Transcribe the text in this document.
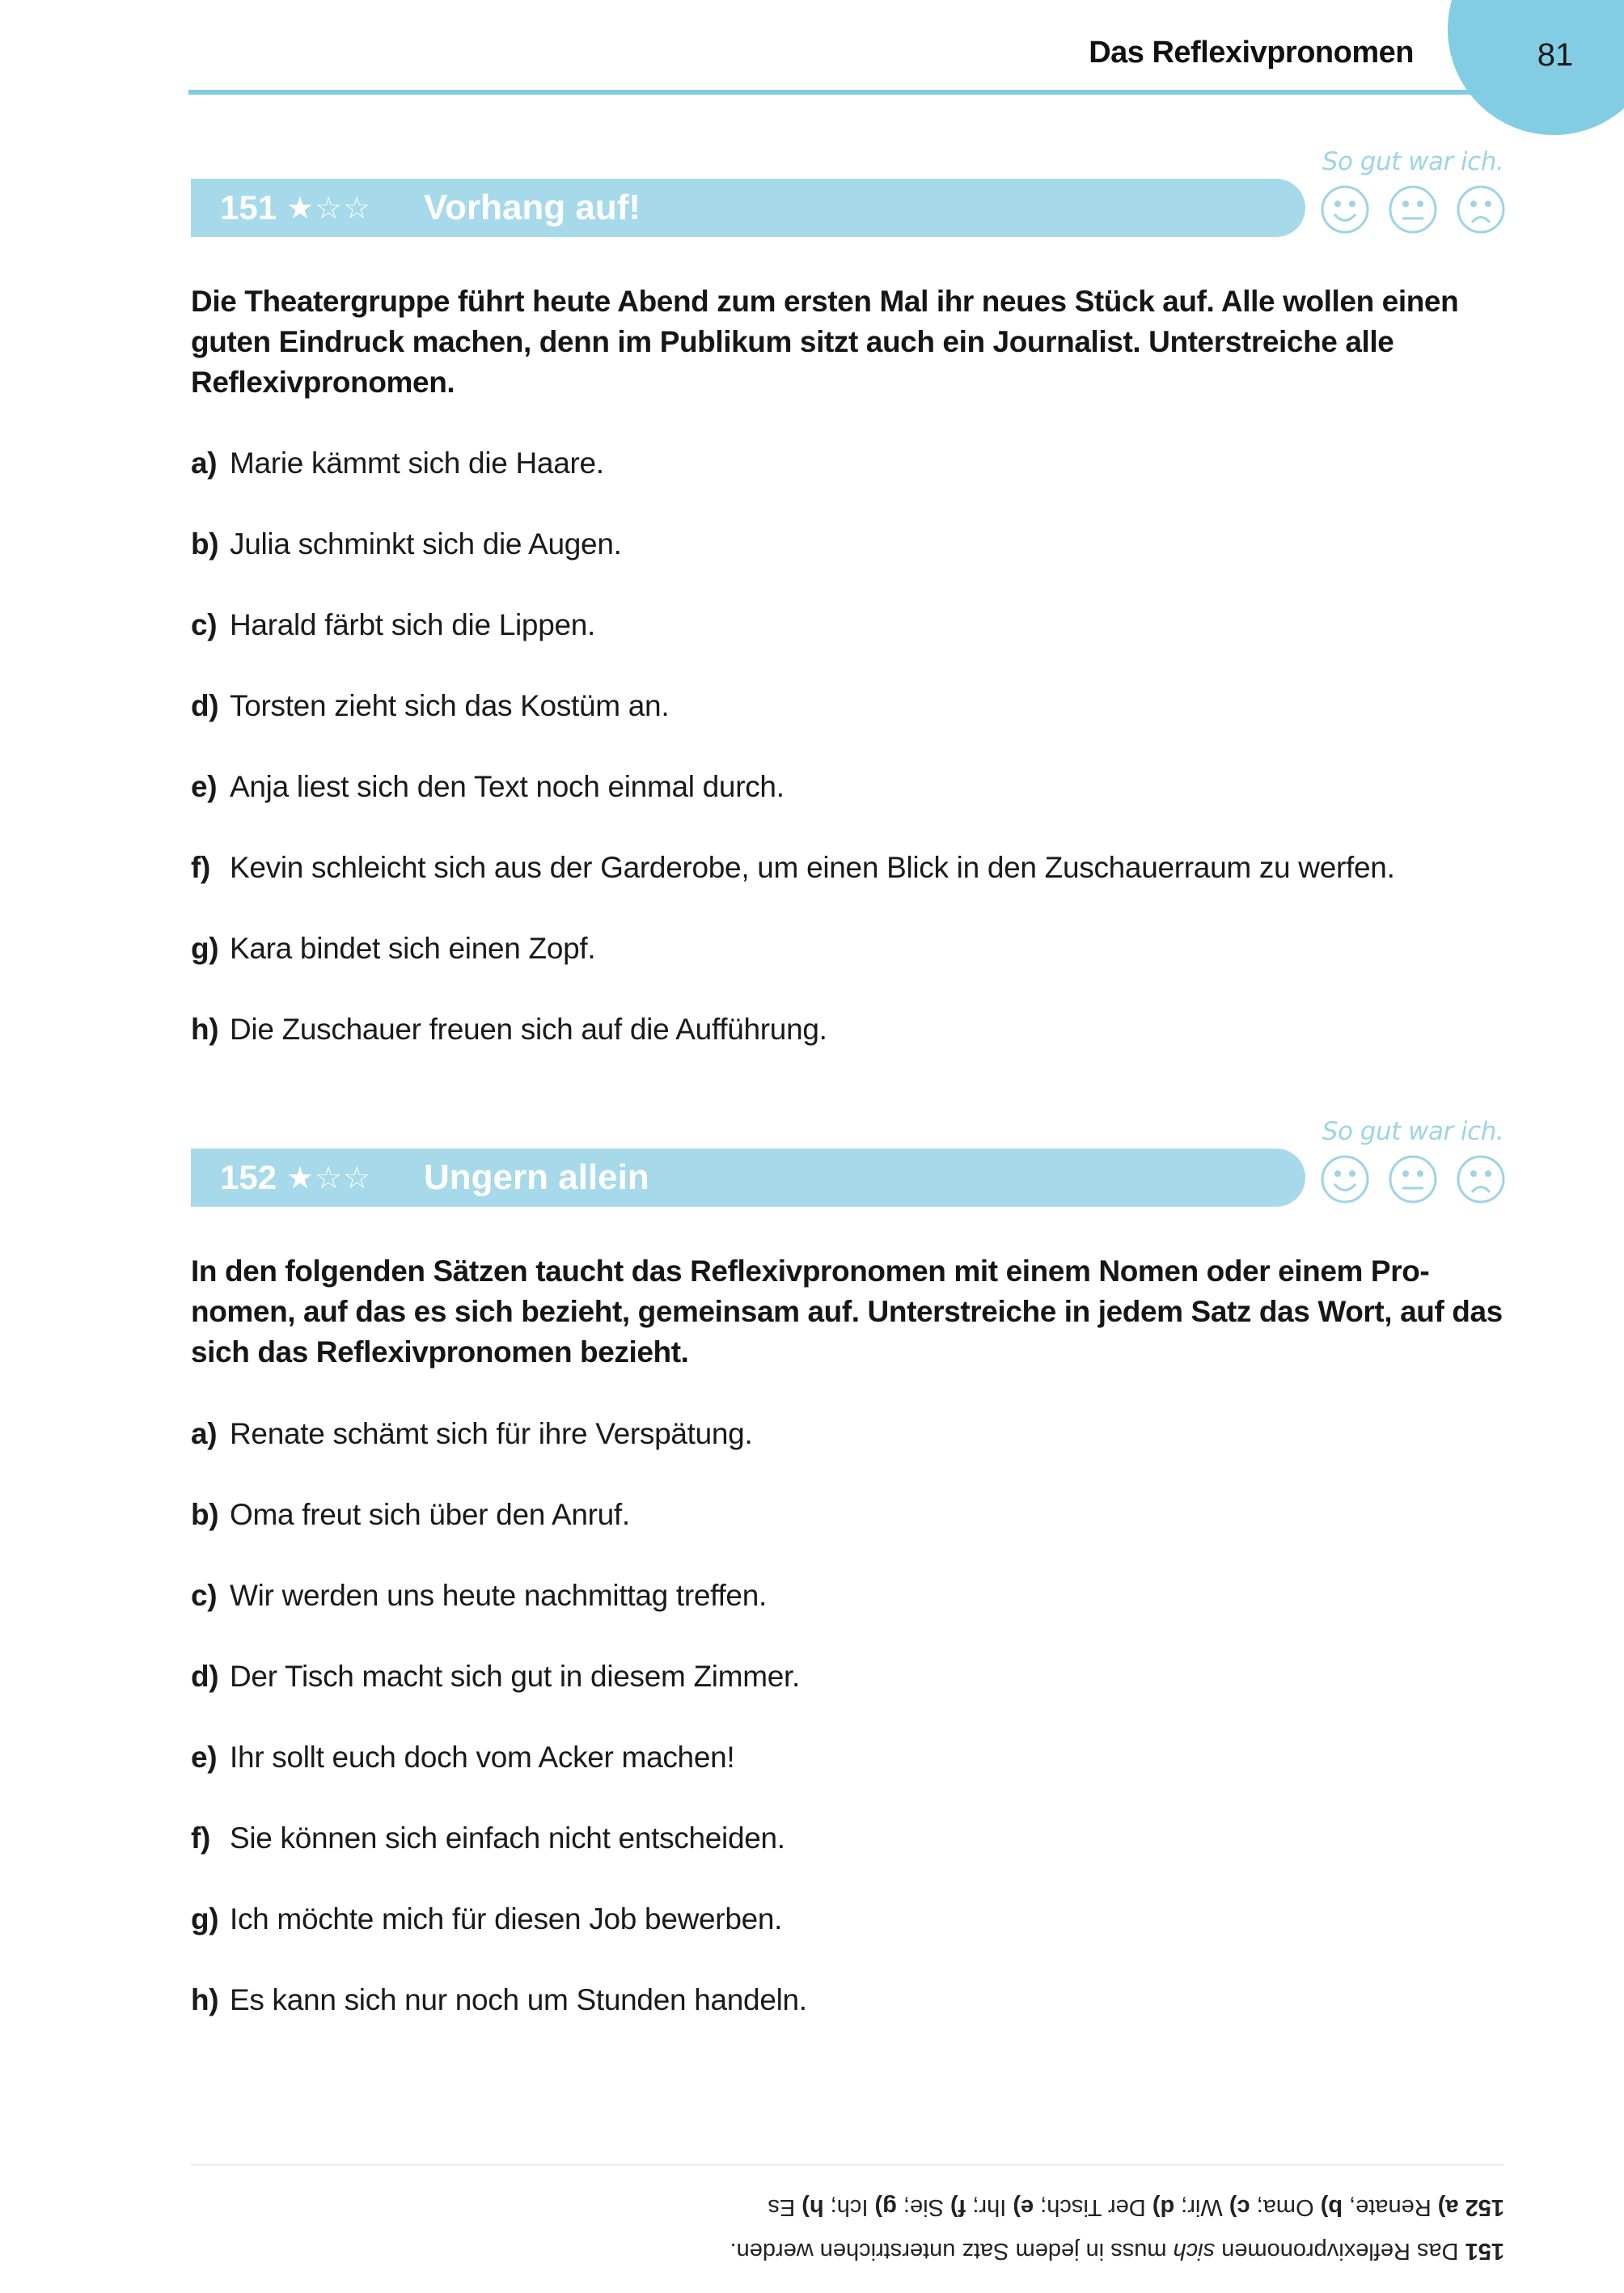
81
Das Reflexivpronomen
So gut war ich.
151 ★☆☆	Vorhang auf!

Die Theatergruppe führt heute Abend zum ersten Mal ihr neues Stück auf. Alle wollen einen guten Eindruck machen, denn im Publikum sitzt auch ein Journalist. Unterstreiche alle Reflexivpronomen.

a) Marie kämmt sich die Haare.
b) Julia schminkt sich die Augen.
c) Harald färbt sich die Lippen.
d) Torsten zieht sich das Kostüm an.
e) Anja liest sich den Text noch einmal durch.
f) Kevin schleicht sich aus der Garderobe, um einen Blick in den Zuschauerraum zu werfen.
g) Kara bindet sich einen Zopf.
h) Die Zuschauer freuen sich auf die Aufführung.
So gut war ich.
152 ★☆☆	Ungern allein

In den folgenden Sätzen taucht das Reflexivpronomen mit einem Nomen oder einem Pro-nomen, auf das es sich bezieht, gemeinsam auf. Unterstreiche in jedem Satz das Wort, auf das sich das Reflexivpronomen bezieht.

a) Renate schämt sich für ihre Verspätung.
b) Oma freut sich über den Anruf.
c) Wir werden uns heute nachmittag treffen.
d) Der Tisch macht sich gut in diesem Zimmer.
e) Ihr sollt euch doch vom Acker machen!
f) Sie können sich einfach nicht entscheiden.
g) Ich möchte mich für diesen Job bewerben.
h) Es kann sich nur noch um Stunden handeln.
151 Das Reflexivpronomen sich muss in jedem Satz unterstrichen werden.
152 a) Renate, b) Oma; c) Wir; d) Der Tisch; e) Ihr; f) Sie; g) Ich; h) Es
